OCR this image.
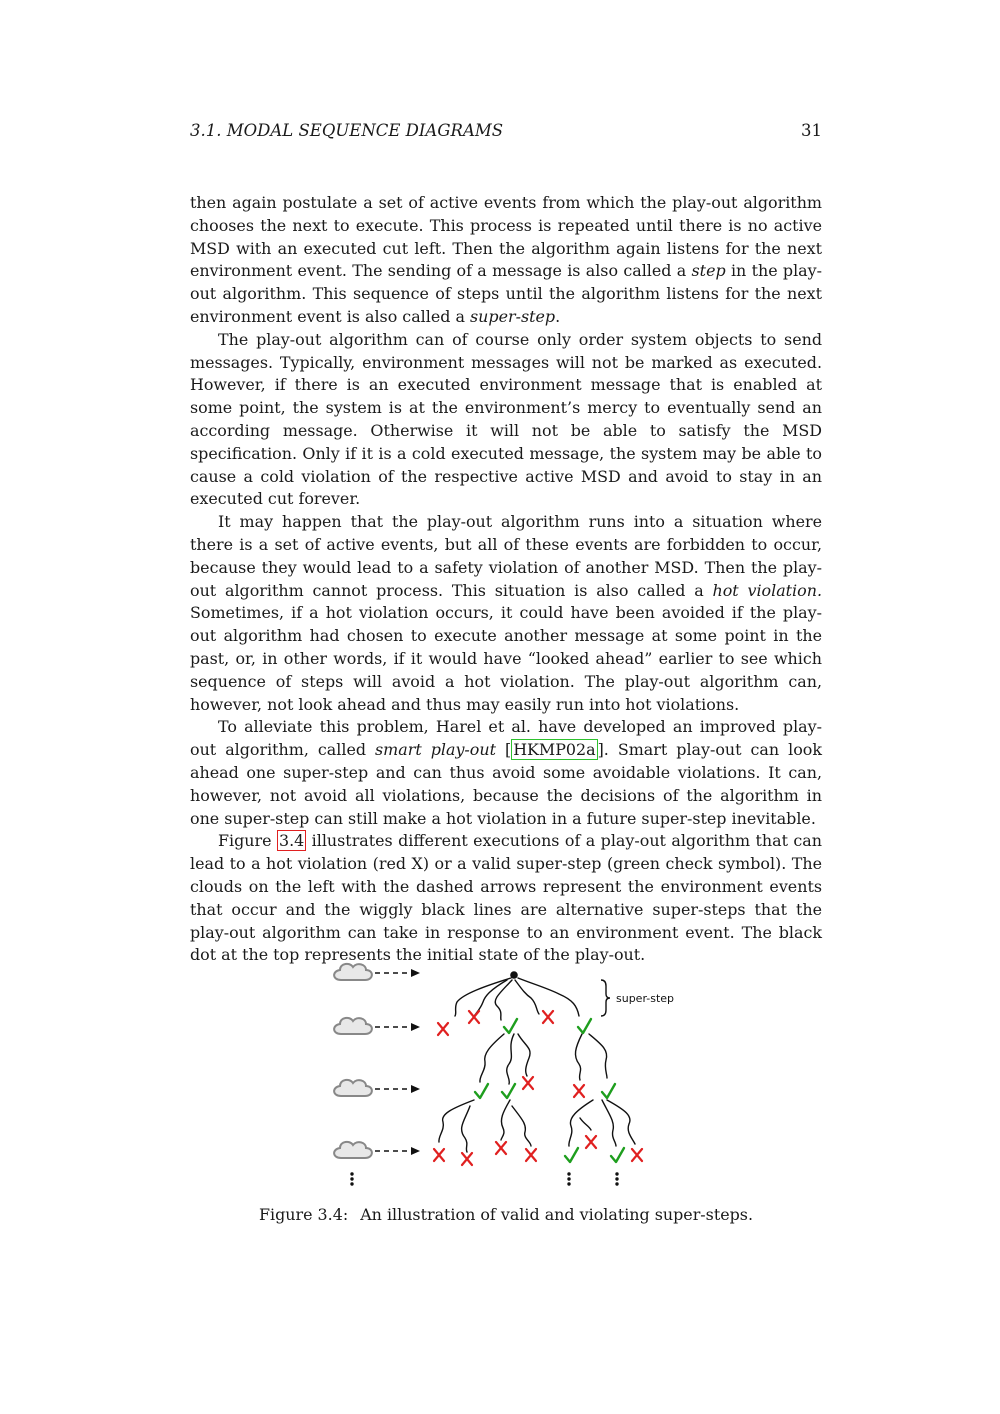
3.1. MODAL SEQUENCE DIAGRAMS	31

then again postulate a set of active events from which the play-out algorithm chooses the next to execute. This process is repeated until there is no active MSD with an executed cut left. Then the algorithm again listens for the next environment event. The sending of a message is also called a step in the play-out algorithm. This sequence of steps until the algorithm listens for the next environment event is also called a super-step.

The play-out algorithm can of course only order system objects to send messages. Typically, environment messages will not be marked as executed. However, if there is an executed environment message that is enabled at some point, the system is at the environment’s mercy to eventually send an according message. Otherwise it will not be able to satisfy the MSD specification. Only if it is a cold executed message, the system may be able to cause a cold violation of the respective active MSD and avoid to stay in an executed cut forever.

It may happen that the play-out algorithm runs into a situation where there is a set of active events, but all of these events are forbidden to occur, because they would lead to a safety violation of another MSD. Then the play-out algorithm cannot process. This situation is also called a hot violation. Sometimes, if a hot violation occurs, it could have been avoided if the play-out algorithm had chosen to execute another message at some point in the past, or, in other words, if it would have “looked ahead” earlier to see which sequence of steps will avoid a hot violation. The play-out algorithm can, however, not look ahead and thus may easily run into hot violations.

To alleviate this problem, Harel et al. have developed an improved play-out algorithm, called smart play-out [ HKMP02a ]. Smart play-out can look ahead one super-step and can thus avoid some avoidable violations. It can, however, not avoid all violations, because the decisions of the algorithm in one super-step can still make a hot violation in a future super-step inevitable.

Figure 3.4 illustrates different executions of a play-out algorithm that can lead to a hot violation (red X) or a valid super-step (green check symbol). The clouds on the left with the dashed arrows represent the environment events that occur and the wiggly black lines are alternative super-steps that the play-out algorithm can take in response to an environment event. The black dot at the top represents the initial state of the play-out.

super-step
Figure 3.4: An illustration of valid and violating super-steps.
